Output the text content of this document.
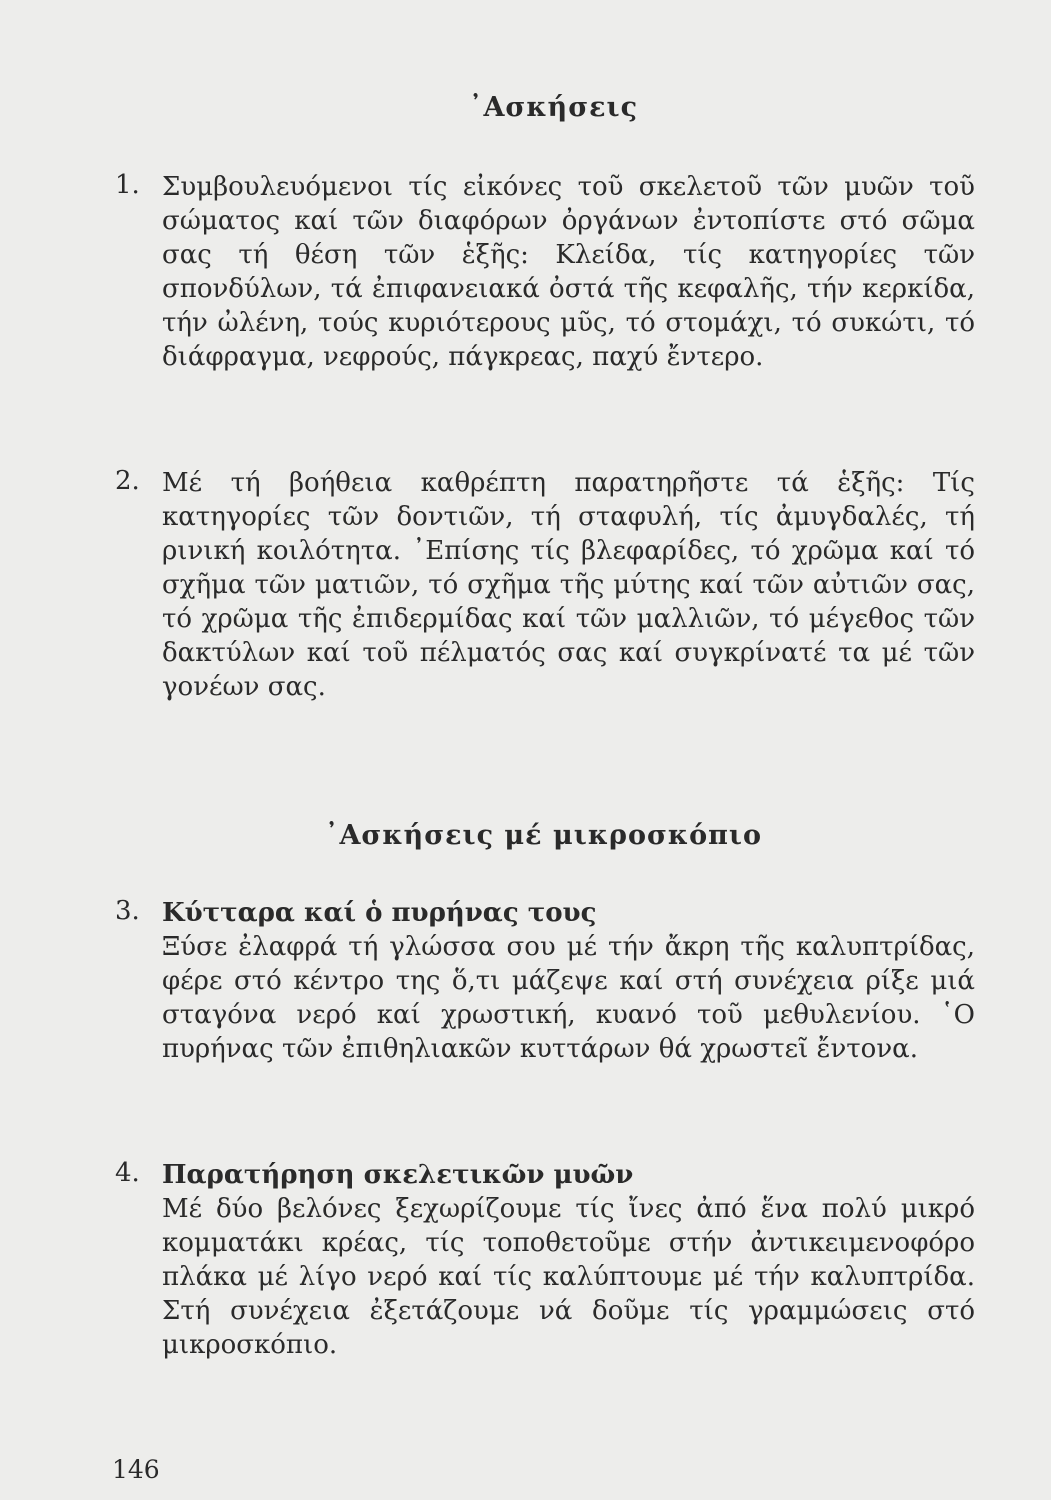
᾿Ασκήσεις
1. Συμβουλευόμενοι τίς εἰκόνες τοῦ σκελετοῦ τῶν μυῶν τοῦ σώματος καί τῶν διαφόρων ὀργάνων ἐντοπίστε στό σῶμα σας τή θέση τῶν ἑξῆς: Κλείδα, τίς κατηγορίες τῶν σπονδύλων, τά ἐπιφανειακά ὀστά τῆς κεφαλῆς, τήν κερκίδα, τήν ὠλένη, τούς κυριότερους μῦς, τό στομάχι, τό συκώτι, τό διάφραγμα, νεφρούς, πάγκρεας, παχύ ἔντερο.
2. Μέ τή βοήθεια καθρέπτη παρατηρῆστε τά ἑξῆς: Τίς κατηγορίες τῶν δοντιῶν, τή σταφυλή, τίς ἀμυγδαλές, τή ρινική κοιλότητα. ᾿Επίσης τίς βλεφαρίδες, τό χρῶμα καί τό σχῆμα τῶν ματιῶν, τό σχῆμα τῆς μύτης καί τῶν αὐτιῶν σας, τό χρῶμα τῆς ἐπιδερμίδας καί τῶν μαλλιῶν, τό μέγεθος τῶν δακτύλων καί τοῦ πέλματός σας καί συγκρίνατέ τα μέ τῶν γονέων σας.
᾿Ασκήσεις μέ μικροσκόπιο
3. Κύτταρα καί ὁ πυρήνας τους
Ξύσε ἐλαφρά τή γλώσσα σου μέ τήν ἄκρη τῆς καλυπτρίδας, φέρε στό κέντρο της ὅ,τι μάζεψε καί στή συνέχεια ρίξε μιά σταγόνα νερό καί χρωστική, κυανό τοῦ μεθυλενίου. ῾Ο πυρήνας τῶν ἐπιθηλιακῶν κυττάρων θά χρωστεῖ ἔντονα.
4. Παρατήρηση σκελετικῶν μυῶν
Μέ δύο βελόνες ξεχωρίζουμε τίς ἴνες ἀπό ἕνα πολύ μικρό κομματάκι κρέας, τίς τοποθετοῦμε στήν ἀντικειμενοφόρο πλάκα μέ λίγο νερό καί τίς καλύπτουμε μέ τήν καλυπτρίδα. Στή συνέχεια ἐξετάζουμε νά δοῦμε τίς γραμμώσεις στό μικροσκόπιο.
146
